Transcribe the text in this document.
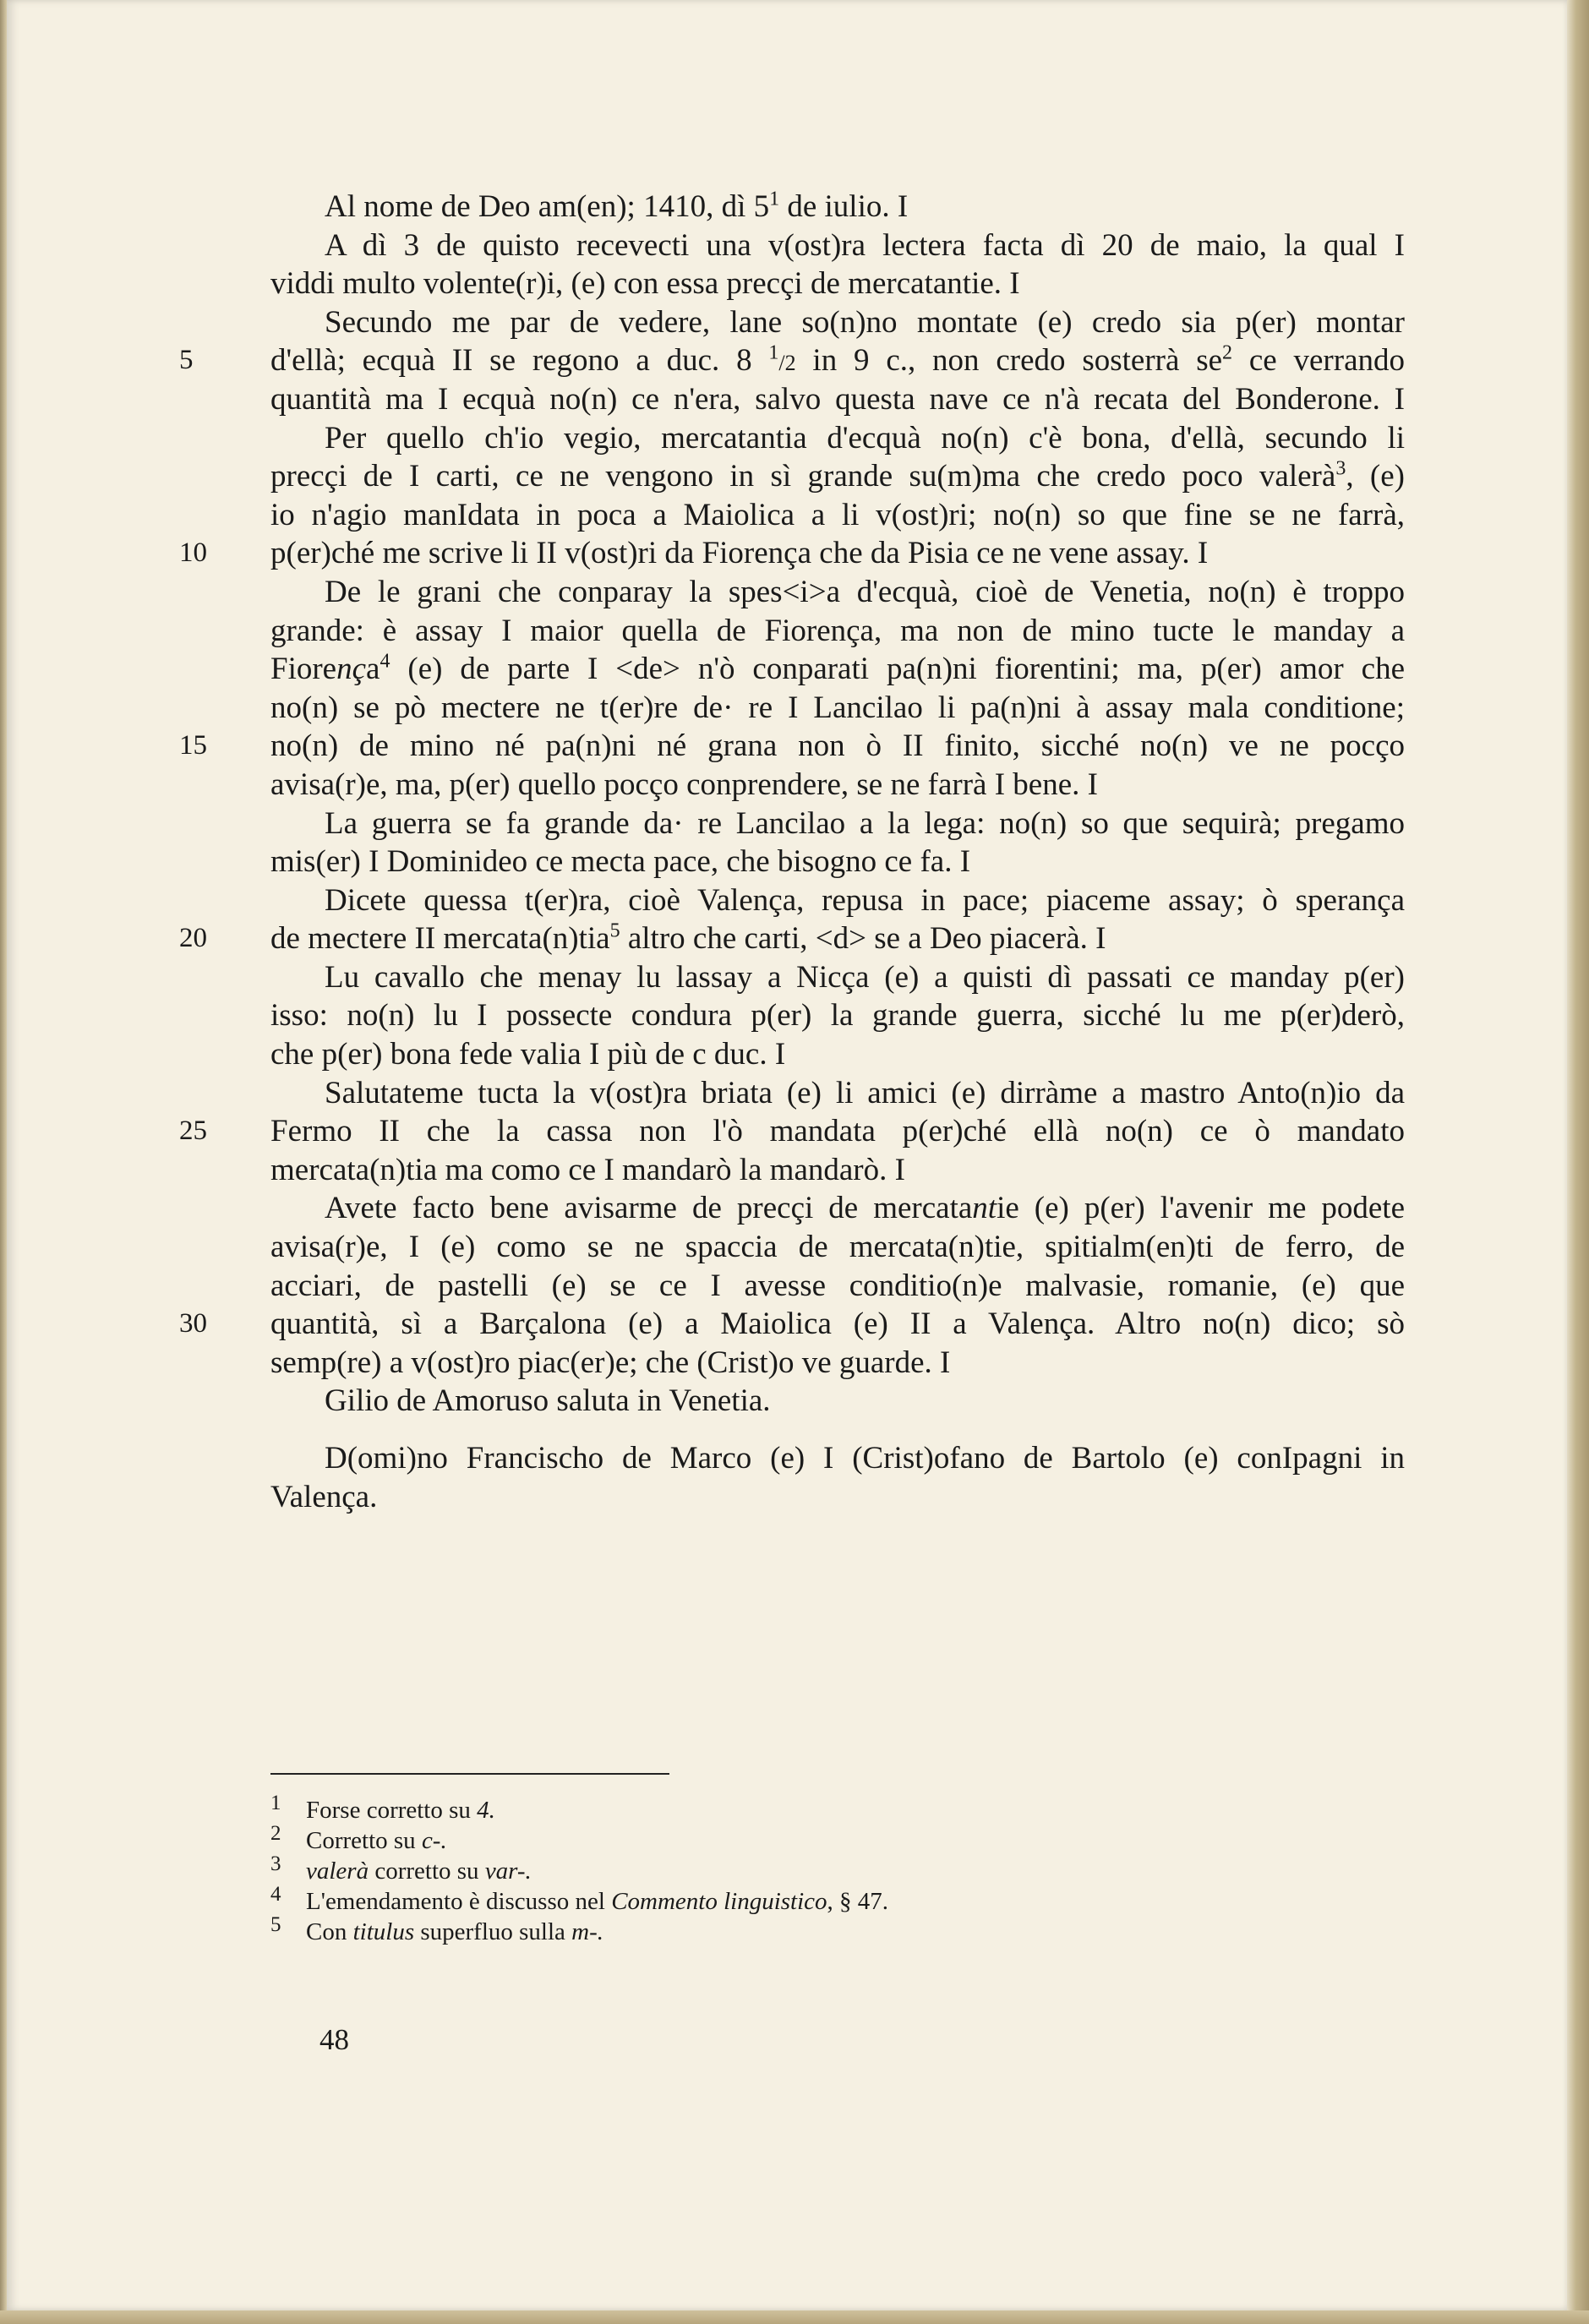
Al nome de Deo am(en); 1410, dì $5^1$ de iulio. I
A dì 3 de quisto recevecti una v(ost)ra lectera facta dì 20 de maio, la qual I
viddi multo volente(r)i, (e) con essa precçi de mercatantie. I
Secundo me par de vedere, lane so(n)no montate (e) credo sia p(er) montar
5	d'ellà; ecquà II se regono a duc. 8 $^1$/2 in 9 c., non credo sosterrà $se^2$ ce verrando
quantità ma I ecquà no(n) ce n'era, salvo questa nave ce n'à recata del Bonderone. I
Per quello ch'io vegio, mercatantia d'ecquà no(n) c'è bona, d'ellà, secundo li
precçi de I carti, ce ne vengono in sì grande su(m)ma che credo poco valerà$^3$, (e)
io n'agio manIdata in poca a Maiolica a li v(ost)ri; no(n) so que fine se ne farrà,
10	p(er)ché me scrive li II v(ost)ri da Fiorença che da Pisia ce ne vene assay. I
De le grani che conparay la spes<i>a d'ecquà, cioè de Venetia, no(n) è troppo
grande: è assay I maior quella de Fiorença, ma non de mino tucte le manday a
Fiorença$^4$ (e) de parte I <de> n'ò conparati pa(n)ni fiorentini; ma, p(er) amor che
no(n) se pò mectere ne t(er)re de· re I Lancilao li pa(n)ni à assay mala conditione;
15	no(n) de mino né pa(n)ni né grana non ò II finito, sicché no(n) ve ne pocço
avisa(r)e, ma, p(er) quello pocço conprendere, se ne farrà I bene. I
La guerra se fa grande da· re Lancilao a la lega: no(n) so que sequirà; pregamo
mis(er) I Dominideo ce mecta pace, che bisogno ce fa. I
Dicete quessa t(er)ra, cioè Valença, repusa in pace; piaceme assay; ò sperança
20	de mectere II mercata(n)tia$^5$ altro che carti, <d> se a Deo piacerà. I
Lu cavallo che menay lu lassay a Nicça (e) a quisti dì passati ce manday p(er)
isso: no(n) lu I possecte condura p(er) la grande guerra, sicché lu me p(er)derò,
che p(er) bona fede valia I più de c duc. I
Salutateme tucta la v(ost)ra briata (e) li amici (e) dirràme a mastro Anto(n)io da
25	Fermo II che la cassa non l'ò mandata p(er)ché ellà no(n) ce ò mandato
mercata(n)tia ma como ce I mandarò la mandarò. I
Avete facto bene avisarme de precçi de mercatantie (e) p(er) l'avenir me podete
avisa(r)e, I (e) como se ne spaccia de mercata(n)tie, spitialm(en)ti de ferro, de
acciari, de pastelli (e) se ce I avesse conditio(n)e malvasie, romanie, (e) que
30	quantità, sì a Barçalona (e) a Maiolica (e) II a Valença. Altro no(n) dico; sò
semp(re) a v(ost)ro piac(er)e; che (Crist)o ve guarde. I
Gilio de Amoruso saluta in Venetia.
D(omi)no Francischo de Marco (e) I (Crist)ofano de Bartolo (e) conIpagni in
Valença.
1 Forse corretto su 4.
2 Corretto su c-.
3 valerà corretto su var-.
4 L'emendamento è discusso nel Commento linguistico, § 47.
5 Con titulus superfluo sulla m-.
48
